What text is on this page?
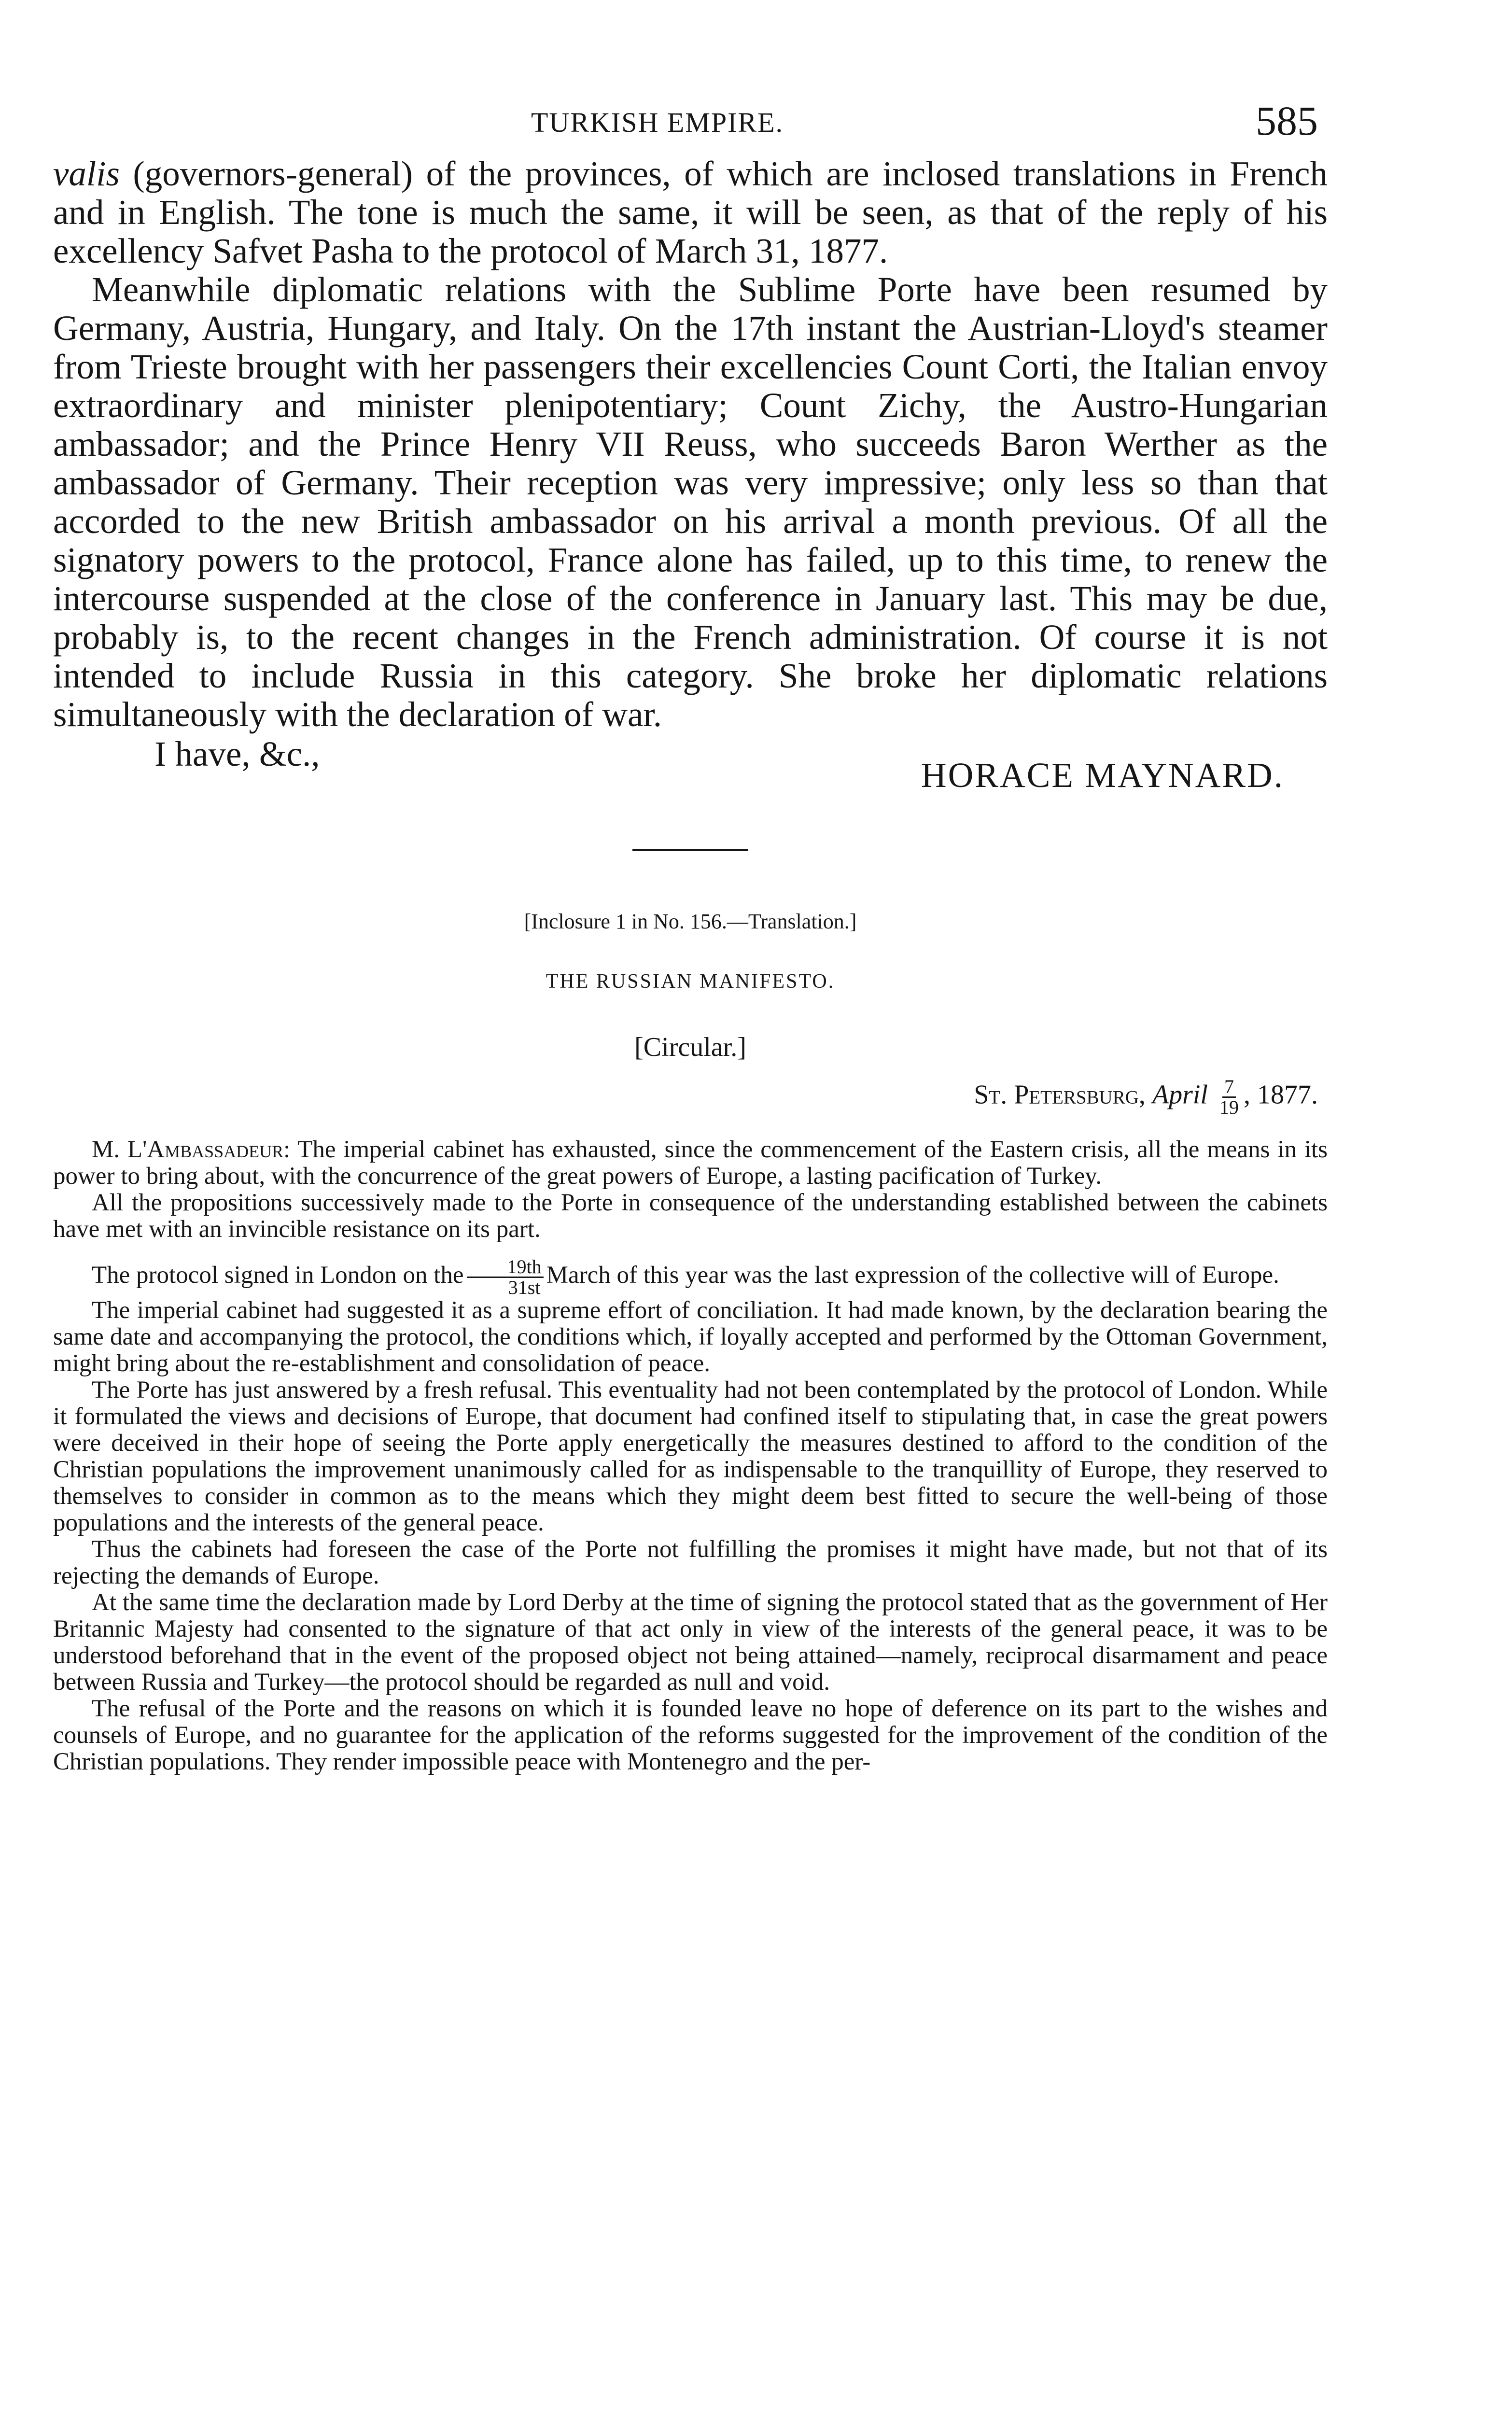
TURKISH EMPIRE.	585

valis (governors-general) of the provinces, of which are inclosed translations in French and in English. The tone is much the same, it will be seen, as that of the reply of his excellency Safvet Pasha to the protocol of March 31, 1877.

Meanwhile diplomatic relations with the Sublime Porte have been resumed by Germany, Austria, Hungary, and Italy. On the 17th instant the Austrian-Lloyd's steamer from Trieste brought with her passengers their excellencies Count Corti, the Italian envoy extraordinary and minister plenipotentiary; Count Zichy, the Austro-Hungarian ambassador; and the Prince Henry VII Reuss, who succeeds Baron Werther as the ambassador of Germany. Their reception was very impressive; only less so than that accorded to the new British ambassador on his arrival a month previous. Of all the signatory powers to the protocol, France alone has failed, up to this time, to renew the intercourse suspended at the close of the conference in January last. This may be due, probably is, to the recent changes in the French administration. Of course it is not intended to include Russia in this category. She broke her diplomatic relations simultaneously with the declaration of war.

I have, &c.,

HORACE MAYNARD.

[Inclosure 1 in No. 156.—Translation.]

THE RUSSIAN MANIFESTO.

[Circular.]

St. Petersburg, April $\frac{7}{19}$ , 1877.

M. L'Ambassadeur: The imperial cabinet has exhausted, since the commencement of the Eastern crisis, all the means in its power to bring about, with the concurrence of the great powers of Europe, a lasting pacification of Turkey.

All the propositions successively made to the Porte in consequence of the understanding established between the cabinets have met with an invincible resistance on its part.

The protocol signed in London on the $\frac{19th}{31st}$ March of this year was the last expression of the collective will of Europe.

The imperial cabinet had suggested it as a supreme effort of conciliation. It had made known, by the declaration bearing the same date and accompanying the protocol, the conditions which, if loyally accepted and performed by the Ottoman Government, might bring about the re-establishment and consolidation of peace.

The Porte has just answered by a fresh refusal. This eventuality had not been contemplated by the protocol of London. While it formulated the views and decisions of Europe, that document had confined itself to stipulating that, in case the great powers were deceived in their hope of seeing the Porte apply energetically the measures destined to afford to the condition of the Christian populations the improvement unanimously called for as indispensable to the tranquillity of Europe, they reserved to themselves to consider in common as to the means which they might deem best fitted to secure the well-being of those populations and the interests of the general peace.

Thus the cabinets had foreseen the case of the Porte not fulfilling the promises it might have made, but not that of its rejecting the demands of Europe.

At the same time the declaration made by Lord Derby at the time of signing the protocol stated that as the government of Her Britannic Majesty had consented to the signature of that act only in view of the interests of the general peace, it was to be understood beforehand that in the event of the proposed object not being attained—namely, reciprocal disarmament and peace between Russia and Turkey—the protocol should be regarded as null and void.

The refusal of the Porte and the reasons on which it is founded leave no hope of deference on its part to the wishes and counsels of Europe, and no guarantee for the application of the reforms suggested for the improvement of the condition of the Christian populations. They render impossible peace with Montenegro and the per-
